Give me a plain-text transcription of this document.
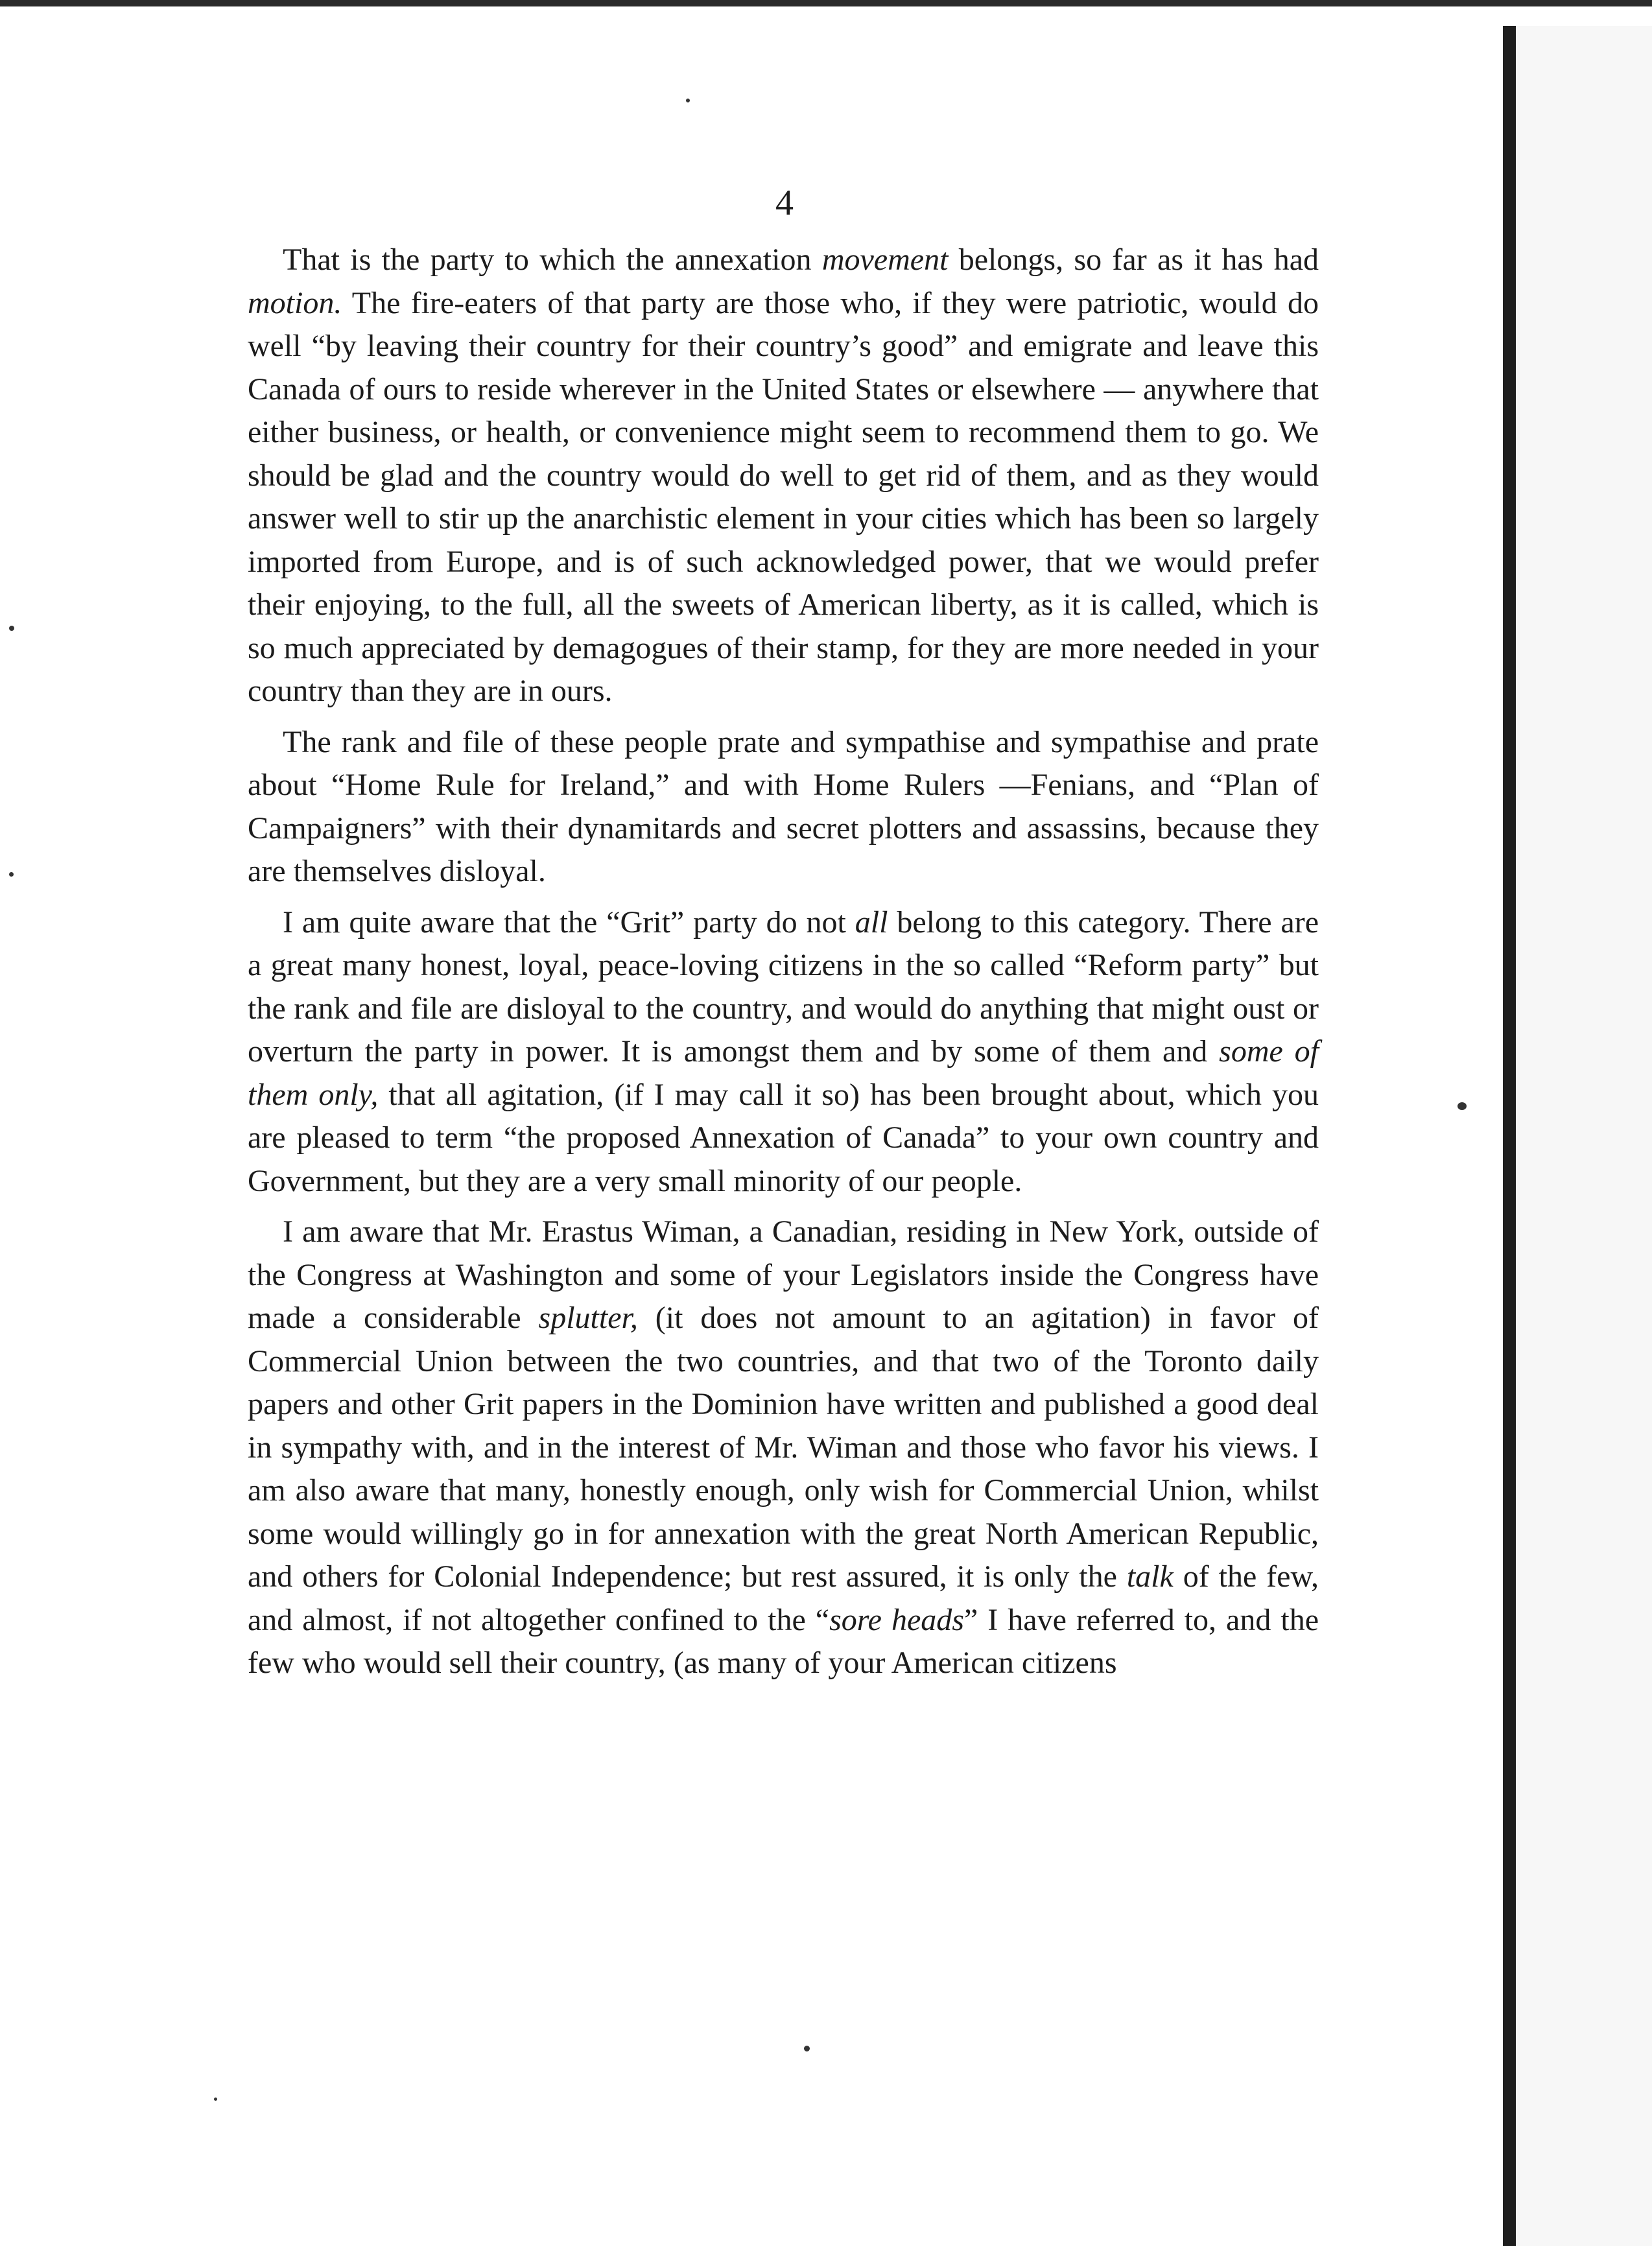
4

That is the party to which the annexation movement belongs, so far as it has had motion. The fire-eaters of that party are those who, if they were patriotic, would do well “by leaving their country for their country’s good” and emigrate and leave this Canada of ours to reside wherever in the United States or elsewhere — anywhere that either business, or health, or convenience might seem to recommend them to go. We should be glad and the country would do well to get rid of them, and as they would answer well to stir up the anarchistic element in your cities which has been so largely imported from Europe, and is of such acknowledged power, that we would prefer their enjoying, to the full, all the sweets of American liberty, as it is called, which is so much appreciated by demagogues of their stamp, for they are more needed in your country than they are in ours.

The rank and file of these people prate and sympathise and sympathise and prate about “Home Rule for Ireland,” and with Home Rulers —Fenians, and “Plan of Campaigners” with their dynamitards and secret plotters and assassins, because they are themselves disloyal.

I am quite aware that the “Grit” party do not all belong to this category. There are a great many honest, loyal, peace-loving citizens in the so called “Reform party” but the rank and file are disloyal to the country, and would do anything that might oust or overturn the party in power. It is amongst them and by some of them and some of them only, that all agitation, (if I may call it so) has been brought about, which you are pleased to term “the proposed Annexation of Canada” to your own country and Government, but they are a very small minority of our people.

I am aware that Mr. Erastus Wiman, a Canadian, residing in New York, outside of the Congress at Washington and some of your Legislators inside the Congress have made a considerable splutter, (it does not amount to an agitation) in favor of Commercial Union between the two countries, and that two of the Toronto daily papers and other Grit papers in the Dominion have written and published a good deal in sympathy with, and in the interest of Mr. Wiman and those who favor his views. I am also aware that many, honestly enough, only wish for Commercial Union, whilst some would willingly go in for annexation with the great North American Republic, and others for Colonial Independence; but rest assured, it is only the talk of the few, and almost, if not altogether confined to the “sore heads” I have referred to, and the few who would sell their country, (as many of your American citizens
